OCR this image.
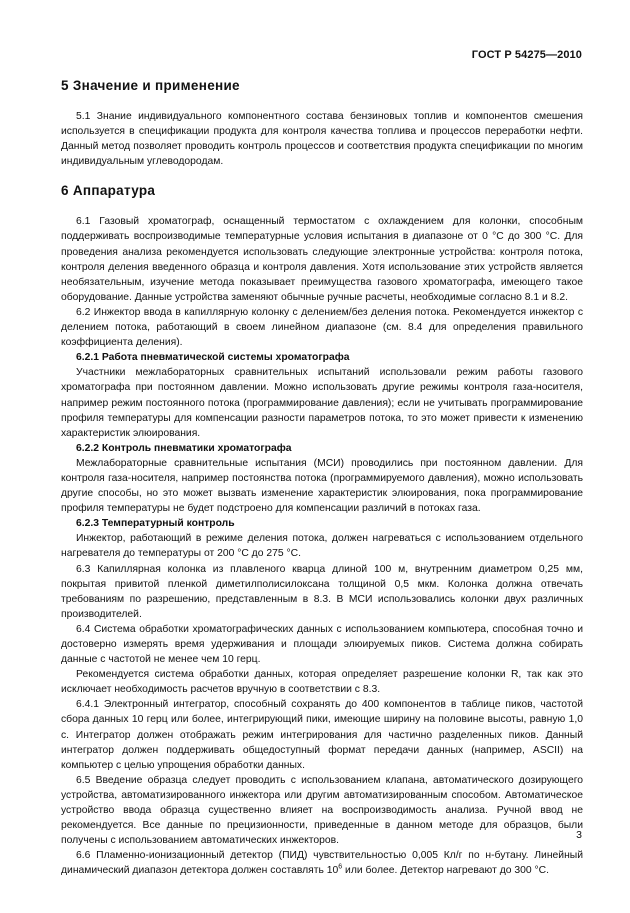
ГОСТ Р 54275—2010
5 Значение и применение

5.1 Знание индивидуального компонентного состава бензиновых топлив и компонентов смешения используется в спецификации продукта для контроля качества топлива и процессов переработки нефти. Данный метод позволяет проводить контроль процессов и соответствия продукта спецификации по многим индивидуальным углеводородам.

6 Аппаратура

6.1 Газовый хроматограф, оснащенный термостатом с охлаждением для колонки, способным поддерживать воспроизводимые температурные условия испытания в диапазоне от 0 °С до 300 °С. Для проведения анализа рекомендуется использовать следующие электронные устройства: контроля потока, контроля деления введенного образца и контроля давления. Хотя использование этих устройств является необязательным, изучение метода показывает преимущества газового хроматографа, имеющего такое оборудование. Данные устройства заменяют обычные ручные расчеты, необходимые согласно 8.1 и 8.2.

6.2 Инжектор ввода в капиллярную колонку с делением/без деления потока. Рекомендуется инжектор с делением потока, работающий в своем линейном диапазоне (см. 8.4 для определения правильного коэффициента деления).

6.2.1 Работа пневматической системы хроматографа

Участники межлабораторных сравнительных испытаний использовали режим работы газового хроматографа при постоянном давлении. Можно использовать другие режимы контроля газа-носителя, например режим постоянного потока (программирование давления); если не учитывать программирование профиля температуры для компенсации разности параметров потока, то это может привести к изменению характеристик элюирования.

6.2.2 Контроль пневматики хроматографа

Межлабораторные сравнительные испытания (МСИ) проводились при постоянном давлении. Для контроля газа-носителя, например постоянства потока (программируемого давления), можно использовать другие способы, но это может вызвать изменение характеристик элюирования, пока программирование профиля температуры не будет подстроено для компенсации различий в потоках газа.

6.2.3 Температурный контроль

Инжектор, работающий в режиме деления потока, должен нагреваться с использованием отдельного нагревателя до температуры от 200 °С до 275 °С.

6.3 Капиллярная колонка из плавленого кварца длиной 100 м, внутренним диаметром 0,25 мм, покрытая привитой пленкой диметилполисилоксана толщиной 0,5 мкм. Колонка должна отвечать требованиям по разрешению, представленным в 8.3. В МСИ использовались колонки двух различных производителей.

6.4 Система обработки хроматографических данных с использованием компьютера, способная точно и достоверно измерять время удерживания и площади элюируемых пиков. Система должна собирать данные с частотой не менее чем 10 герц.

Рекомендуется система обработки данных, которая определяет разрешение колонки R, так как это исключает необходимость расчетов вручную в соответствии с 8.3.

6.4.1 Электронный интегратор, способный сохранять до 400 компонентов в таблице пиков, частотой сбора данных 10 герц или более, интегрирующий пики, имеющие ширину на половине высоты, равную 1,0 с. Интегратор должен отображать режим интегрирования для частично разделенных пиков. Данный интегратор должен поддерживать общедоступный формат передачи данных (например, ASCII) на компьютер с целью упрощения обработки данных.

6.5 Введение образца следует проводить с использованием клапана, автоматического дозирующего устройства, автоматизированного инжектора или другим автоматизированным способом. Автоматическое устройство ввода образца существенно влияет на воспроизводимость анализа. Ручной ввод не рекомендуется. Все данные по прецизионности, приведенные в данном методе для образцов, были получены с использованием автоматических инжекторов.

6.6 Пламенно-ионизационный детектор (ПИД) чувствительностью 0,005 Кл/г по н-бутану. Линейный динамический диапазон детектора должен составлять $10^6$ или более. Детектор нагревают до 300 °С.

3
